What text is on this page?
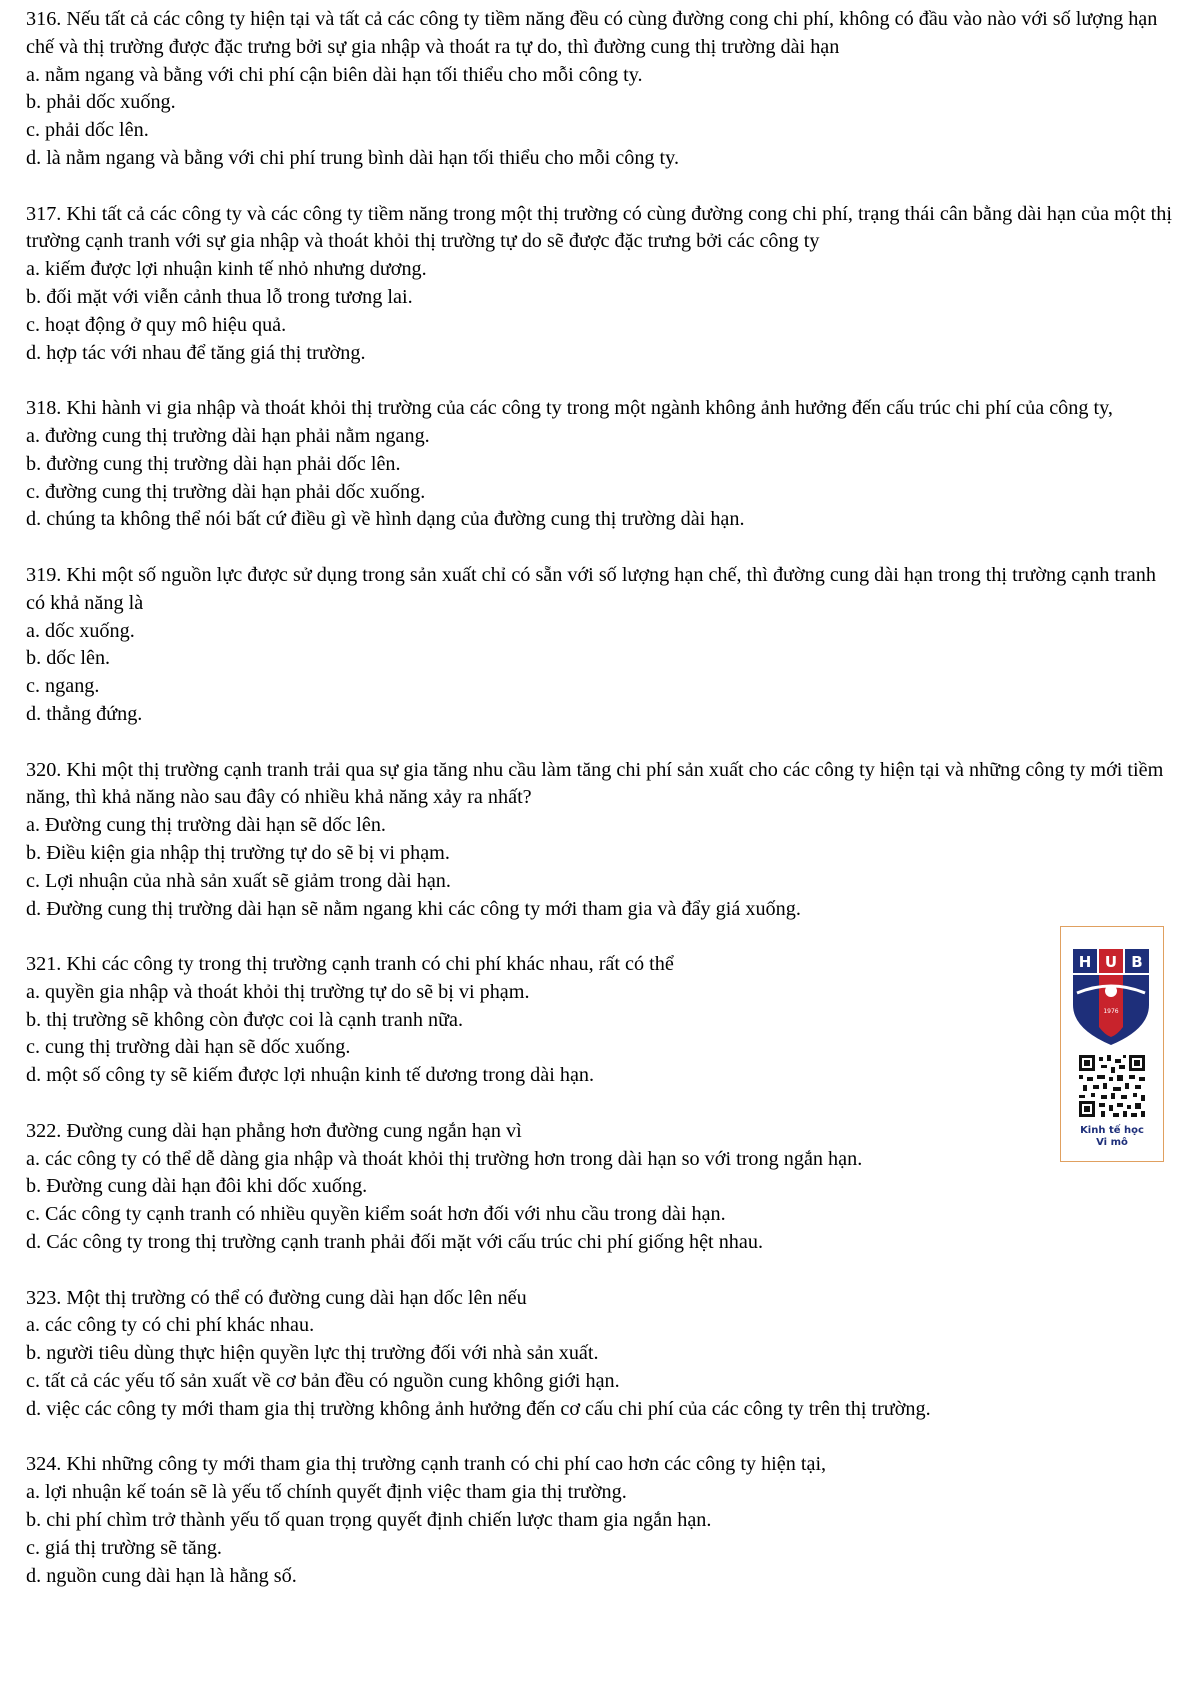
316. Nếu tất cả các công ty hiện tại và tất cả các công ty tiềm năng đều có cùng đường cong chi phí, không có đầu vào nào với số lượng hạn chế và thị trường được đặc trưng bởi sự gia nhập và thoát ra tự do, thì đường cung thị trường dài hạn

a. nằm ngang và bằng với chi phí cận biên dài hạn tối thiểu cho mỗi công ty.

b. phải dốc xuống.

c. phải dốc lên.

d. là nằm ngang và bằng với chi phí trung bình dài hạn tối thiểu cho mỗi công ty.

317. Khi tất cả các công ty và các công ty tiềm năng trong một thị trường có cùng đường cong chi phí, trạng thái cân bằng dài hạn của một thị trường cạnh tranh với sự gia nhập và thoát khỏi thị trường tự do sẽ được đặc trưng bởi các công ty

a. kiếm được lợi nhuận kinh tế nhỏ nhưng dương.

b. đối mặt với viễn cảnh thua lỗ trong tương lai.

c. hoạt động ở quy mô hiệu quả.

d. hợp tác với nhau để tăng giá thị trường.

318. Khi hành vi gia nhập và thoát khỏi thị trường của các công ty trong một ngành không ảnh hưởng đến cấu trúc chi phí của công ty,

a. đường cung thị trường dài hạn phải nằm ngang.

b. đường cung thị trường dài hạn phải dốc lên.

c. đường cung thị trường dài hạn phải dốc xuống.

d. chúng ta không thể nói bất cứ điều gì về hình dạng của đường cung thị trường dài hạn.

319. Khi một số nguồn lực được sử dụng trong sản xuất chỉ có sẵn với số lượng hạn chế, thì đường cung dài hạn trong thị trường cạnh tranh có khả năng là

a. dốc xuống.

b. dốc lên.

c. ngang.

d. thẳng đứng.

320. Khi một thị trường cạnh tranh trải qua sự gia tăng nhu cầu làm tăng chi phí sản xuất cho các công ty hiện tại và những công ty mới tiềm năng, thì khả năng nào sau đây có nhiều khả năng xảy ra nhất?

a. Đường cung thị trường dài hạn sẽ dốc lên.

b. Điều kiện gia nhập thị trường tự do sẽ bị vi phạm.

c. Lợi nhuận của nhà sản xuất sẽ giảm trong dài hạn.

d. Đường cung thị trường dài hạn sẽ nằm ngang khi các công ty mới tham gia và đẩy giá xuống.

321. Khi các công ty trong thị trường cạnh tranh có chi phí khác nhau, rất có thể

a. quyền gia nhập và thoát khỏi thị trường tự do sẽ bị vi phạm.

b. thị trường sẽ không còn được coi là cạnh tranh nữa.

c. cung thị trường dài hạn sẽ dốc xuống.

d. một số công ty sẽ kiếm được lợi nhuận kinh tế dương trong dài hạn.

322. Đường cung dài hạn phẳng hơn đường cung ngắn hạn vì

a. các công ty có thể dễ dàng gia nhập và thoát khỏi thị trường hơn trong dài hạn so với trong ngắn hạn.

b. Đường cung dài hạn đôi khi dốc xuống.

c. Các công ty cạnh tranh có nhiều quyền kiểm soát hơn đối với nhu cầu trong dài hạn.

d. Các công ty trong thị trường cạnh tranh phải đối mặt với cấu trúc chi phí giống hệt nhau.

323. Một thị trường có thể có đường cung dài hạn dốc lên nếu

a. các công ty có chi phí khác nhau.

b. người tiêu dùng thực hiện quyền lực thị trường đối với nhà sản xuất.

c. tất cả các yếu tố sản xuất về cơ bản đều có nguồn cung không giới hạn.

d. việc các công ty mới tham gia thị trường không ảnh hưởng đến cơ cấu chi phí của các công ty trên thị trường.

324. Khi những công ty mới tham gia thị trường cạnh tranh có chi phí cao hơn các công ty hiện tại,

a. lợi nhuận kế toán sẽ là yếu tố chính quyết định việc tham gia thị trường.

b. chi phí chìm trở thành yếu tố quan trọng quyết định chiến lược tham gia ngắn hạn.

c. giá thị trường sẽ tăng.

d. nguồn cung dài hạn là hằng số.

H U B
1976
Kinh tế học
Vi mô
